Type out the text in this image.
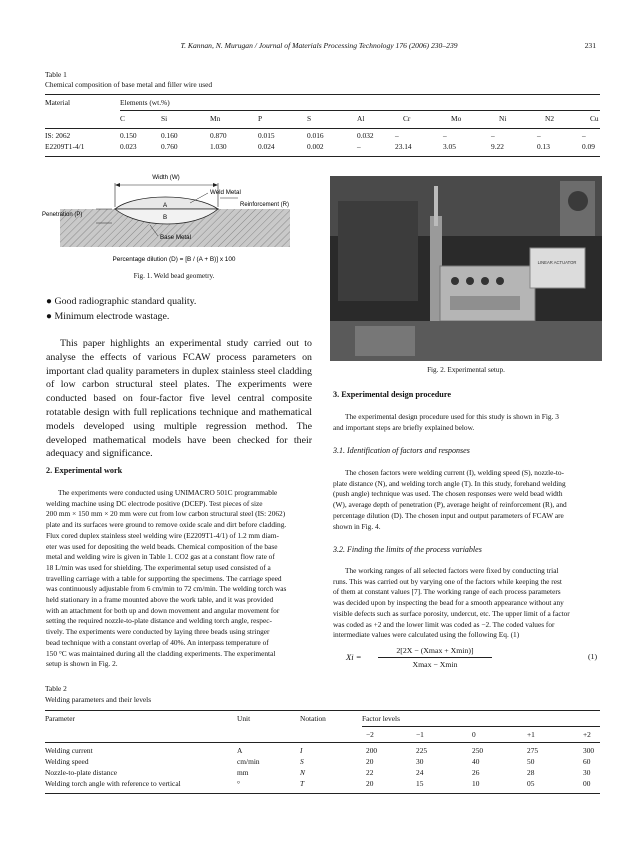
T. Kannan, N. Murugan / Journal of Materials Processing Technology 176 (2006) 230–239	231
Table 1
Chemical composition of base metal and filler wire used
Material	Elements (wt.%)
C	Si	Mn	P	S	Al	Cr	Mo	Ni	N2	Cu
IS: 2062	0.150	0.160	0.870	0.015	0.016	0.032	–	–	–	–	–
E2209T1-4/1	0.023	0.760	1.030	0.024	0.002	–	23.14	3.05	9.22	0.13	0.09
Width (W)
Weld Metal
A
B
Penetration (P)
Reinforcement (R)
Base Metal
Percentage dilution (D) = [B / (A + B)] x 100
Fig. 1. Weld bead geometry.
LINEAR ACTUATOR
Fig. 2. Experimental setup.
● Good radiographic standard quality.
● Minimum electrode wastage.
This paper highlights an experimental study carried out to analyse the effects of various FCAW process parameters on important clad quality parameters in duplex stainless steel cladding of low carbon structural steel plates. The experiments were conducted based on four-factor five level central composite rotatable design with full replications technique and mathematical models developed using multiple regression method. The developed mathematical models have been checked for their adequacy and significance.
2. Experimental work
The experiments were conducted using UNIMACRO 501C programmable
welding machine using DC electrode positive (DCEP). Test pieces of size
200 mm × 150 mm × 20 mm were cut from low carbon structural steel (IS: 2062)
plate and its surfaces were ground to remove oxide scale and dirt before cladding.
Flux cored duplex stainless steel welding wire (E2209T1-4/1) of 1.2 mm diam-
eter was used for depositing the weld beads. Chemical composition of the base
metal and welding wire is given in Table 1. CO2 gas at a constant flow rate of
18 L/min was used for shielding. The experimental setup used consisted of a
travelling carriage with a table for supporting the specimens. The carriage speed
was continuously adjustable from 6 cm/min to 72 cm/min. The welding torch was
held stationary in a frame mounted above the work table, and it was provided
with an attachment for both up and down movement and angular movement for
setting the required nozzle-to-plate distance and welding torch angle, respec-
tively. The experiments were conducted by laying three beads using stringer
bead technique with a constant overlap of 40%. An interpass temperature of
150 °C was maintained during all the cladding experiments. The experimental
setup is shown in Fig. 2.
3. Experimental design procedure
The experimental design procedure used for this study is shown in Fig. 3
and important steps are briefly explained below.
3.1. Identification of factors and responses
The chosen factors were welding current (I), welding speed (S), nozzle-to-
plate distance (N), and welding torch angle (T). In this study, forehand welding
(push angle) technique was used. The chosen responses were weld bead width
(W), average depth of penetration (P), average height of reinforcement (R), and
percentage dilution (D). The chosen input and output parameters of FCAW are
shown in Fig. 4.
3.2. Finding the limits of the process variables
The working ranges of all selected factors were fixed by conducting trial
runs. This was carried out by varying one of the factors while keeping the rest
of them at constant values [7]. The working range of each process parameters
was decided upon by inspecting the bead for a smooth appearance without any
visible defects such as surface porosity, undercut, etc. The upper limit of a factor
was coded as +2 and the lower limit was coded as −2. The coded values for
intermediate values were calculated using the following Eq. (1)
Xi =
2[2X − (Xmax + Xmin)]
Xmax − Xmin
(1)
Table 2
Welding parameters and their levels
Parameter	Unit	Notation	Factor levels
−2	−1	0	+1	+2
Welding current	A	I	200	225	250	275	300
Welding speed	cm/min	S	20	30	40	50	60
Nozzle-to-plate distance	mm	N	22	24	26	28	30
Welding torch angle with reference to vertical	°	T	20	15	10	05	00
